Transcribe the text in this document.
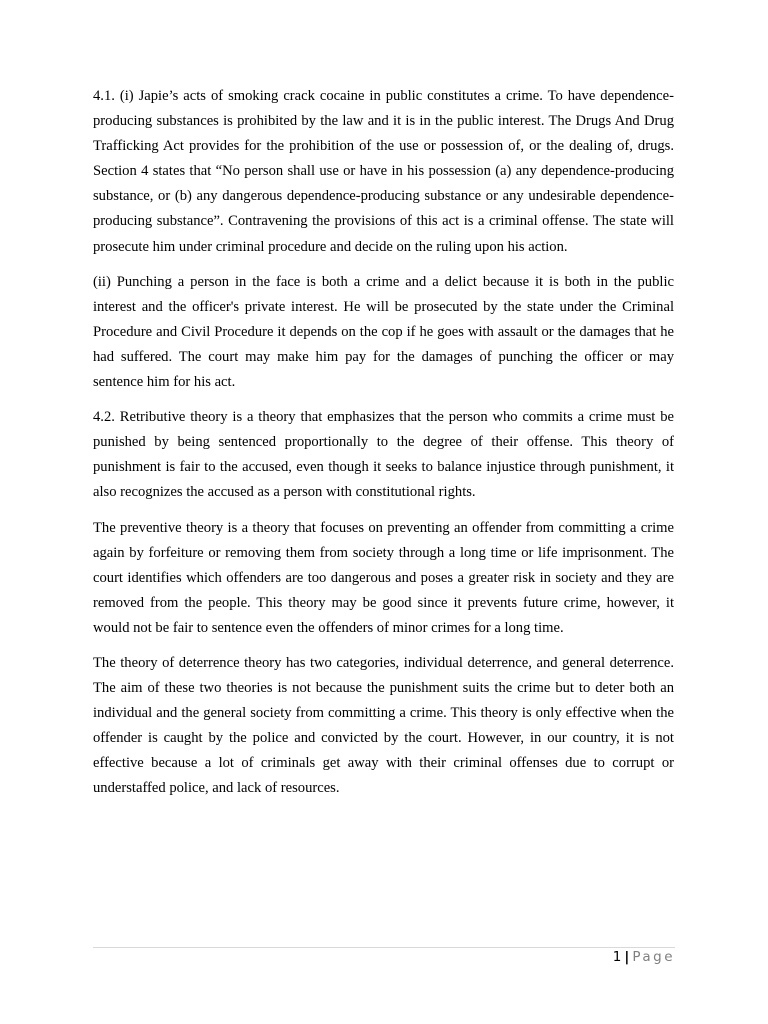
4.1. (i) Japie’s acts of smoking crack cocaine in public constitutes a crime. To have dependence-producing substances is prohibited by the law and it is in the public interest. The Drugs And Drug Trafficking Act provides for the prohibition of the use or possession of, or the dealing of, drugs. Section 4 states that “No person shall use or have in his possession (a) any dependence-producing substance, or (b) any dangerous dependence-producing substance or any undesirable dependence-producing substance”. Contravening the provisions of this act is a criminal offense. The state will prosecute him under criminal procedure and decide on the ruling upon his action.

(ii) Punching a person in the face is both a crime and a delict because it is both in the public interest and the officer's private interest. He will be prosecuted by the state under the Criminal Procedure and Civil Procedure it depends on the cop if he goes with assault or the damages that he had suffered. The court may make him pay for the damages of punching the officer or may sentence him for his act.

4.2. Retributive theory is a theory that emphasizes that the person who commits a crime must be punished by being sentenced proportionally to the degree of their offense. This theory of punishment is fair to the accused, even though it seeks to balance injustice through punishment, it also recognizes the accused as a person with constitutional rights.

The preventive theory is a theory that focuses on preventing an offender from committing a crime again by forfeiture or removing them from society through a long time or life imprisonment. The court identifies which offenders are too dangerous and poses a greater risk in society and they are removed from the people. This theory may be good since it prevents future crime, however, it would not be fair to sentence even the offenders of minor crimes for a long time.

The theory of deterrence theory has two categories, individual deterrence, and general deterrence. The aim of these two theories is not because the punishment suits the crime but to deter both an individual and the general society from committing a crime. This theory is only effective when the offender is caught by the police and convicted by the court. However, in our country, it is not effective because a lot of criminals get away with their criminal offenses due to corrupt or understaffed police, and lack of resources.

1 | Page
